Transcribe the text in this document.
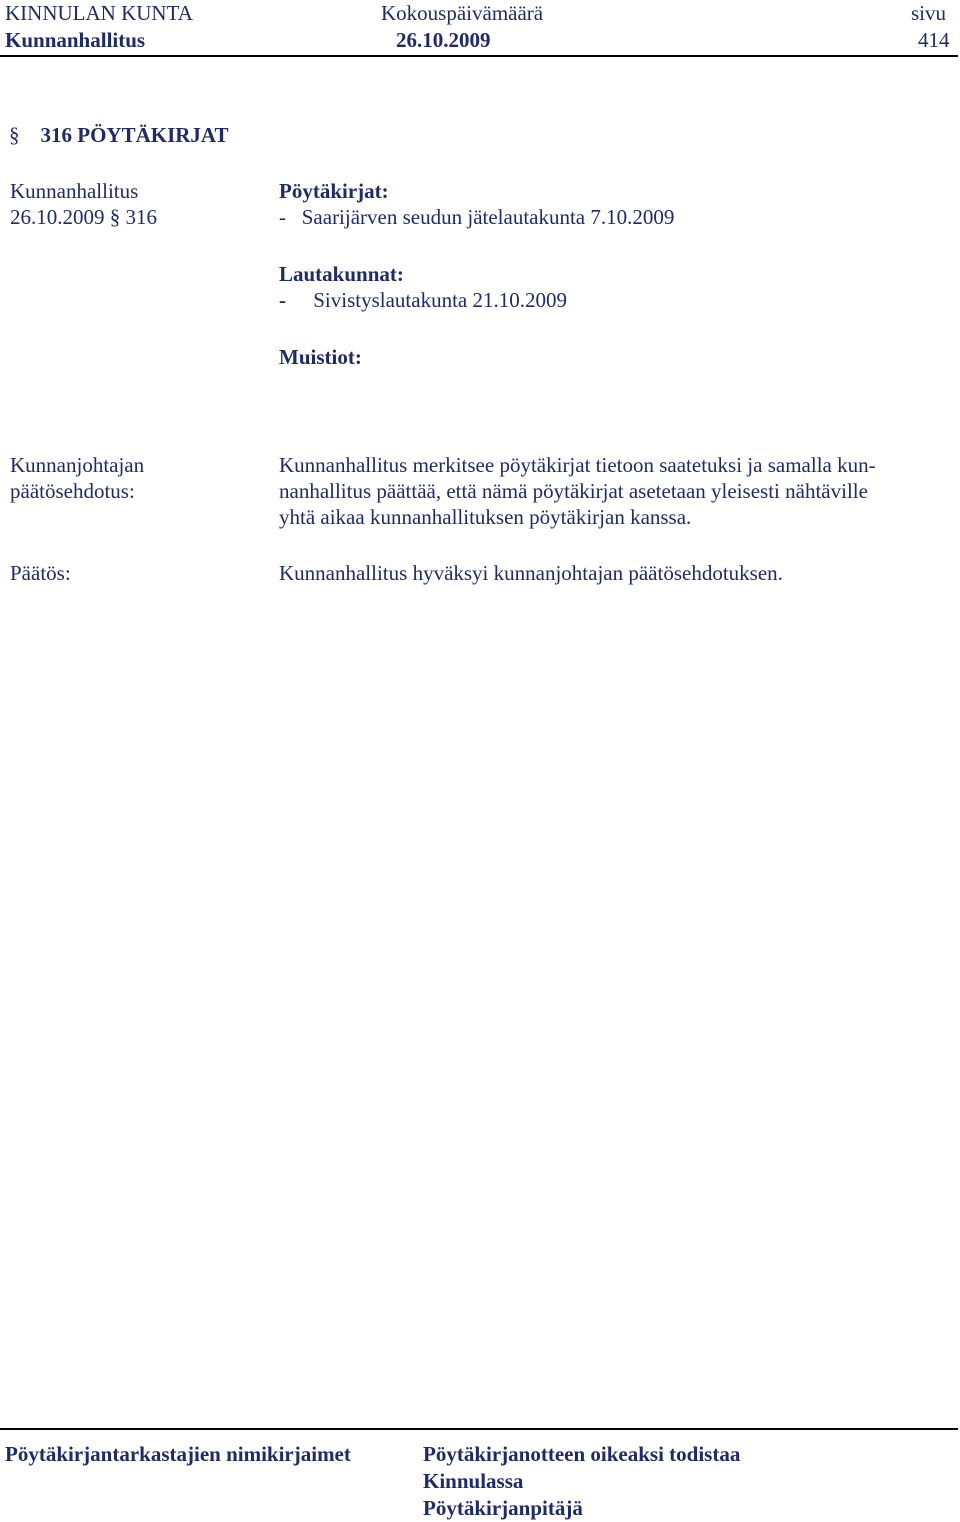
KINNULAN KUNTA
Kunnanhallitus
Kokouspäivämäärä
26.10.2009
sivu
414
§ 316 PÖYTÄKIRJAT
Kunnanhallitus
26.10.2009 § 316
Pöytäkirjat:
-   Saarijärven seudun jätelautakunta 7.10.2009
Lautakunnat:
- Sivistyslautakunta 21.10.2009
Muistiot:
Kunnanjohtajan
päätösehdotus:
Kunnanhallitus merkitsee pöytäkirjat tietoon saatetuksi ja samalla kun-
nanhallitus päättää, että nämä pöytäkirjat asetetaan yleisesti nähtäville
yhtä aikaa kunnanhallituksen pöytäkirjan kanssa.
Päätös:	Kunnanhallitus hyväksyi kunnanjohtajan päätösehdotuksen.
Pöytäkirjantarkastajien nimikirjaimet	Pöytäkirjanotteen oikeaksi todistaa
Kinnulassa
Pöytäkirjanpitäjä
